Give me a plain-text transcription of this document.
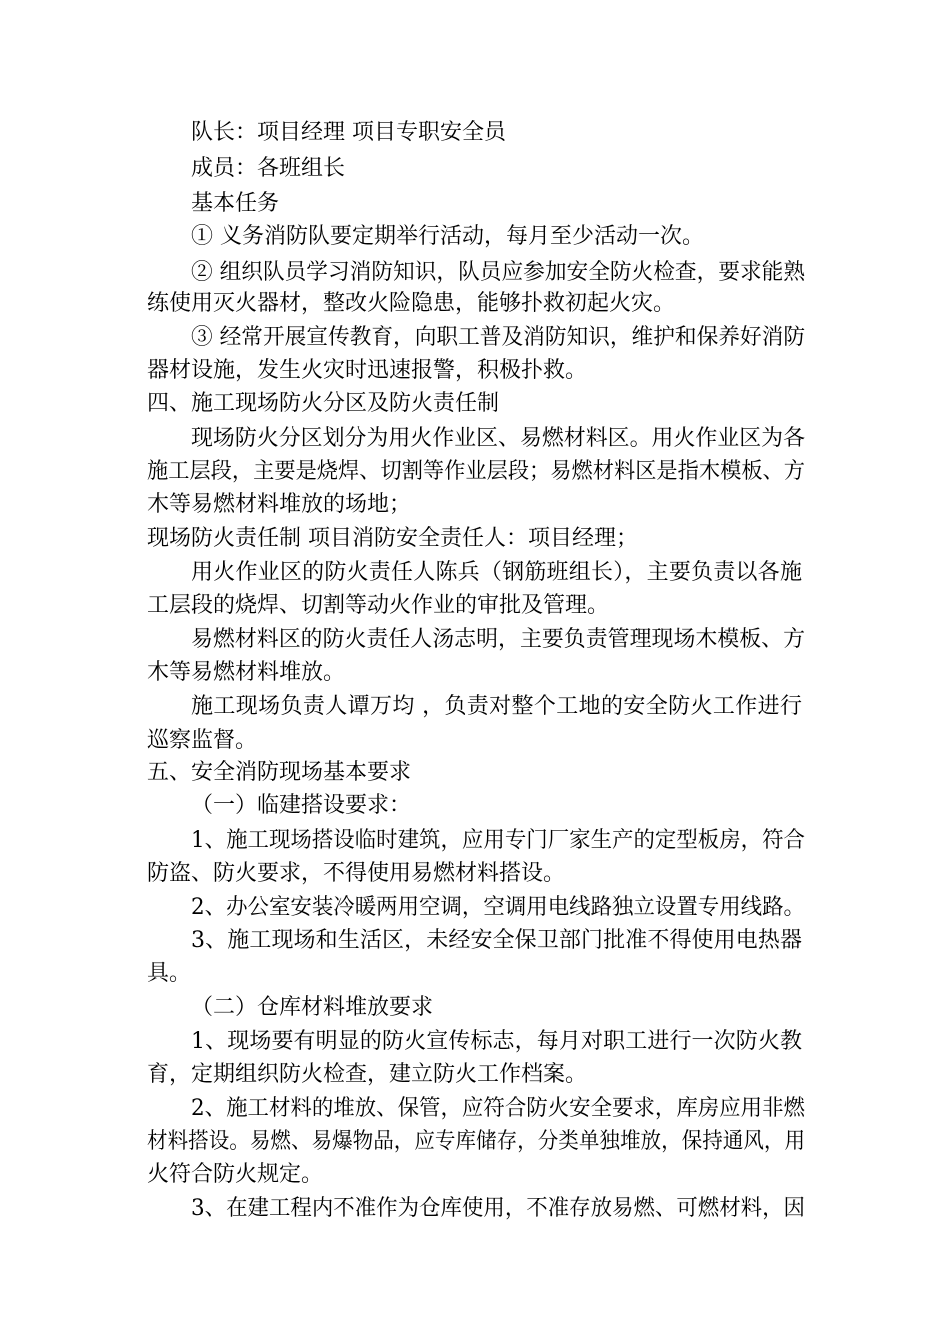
队长：项目经理 项目专职安全员
成员：各班组长
基本任务
① 义务消防队要定期举行活动，每月至少活动一次。
② 组织队员学习消防知识，队员应参加安全防火检查，要求能熟
练使用灭火器材，整改火险隐患，能够扑救初起火灾。
③ 经常开展宣传教育，向职工普及消防知识，维护和保养好消防
器材设施，发生火灾时迅速报警，积极扑救。
四、施工现场防火分区及防火责任制
现场防火分区划分为用火作业区、易燃材料区。用火作业区为各
施工层段，主要是烧焊、切割等作业层段；易燃材料区是指木模板、方
木等易燃材料堆放的场地；
现场防火责任制 项目消防安全责任人：项目经理；
用火作业区的防火责任人陈兵（钢筋班组长），主要负责以各施
工层段的烧焊、切割等动火作业的审批及管理。
易燃材料区的防火责任人汤志明，主要负责管理现场木模板、方
木等易燃材料堆放。
施工现场负责人谭万均 ，负责对整个工地的安全防火工作进行
巡察监督。
五、安全消防现场基本要求
（一）临建搭设要求：
1、施工现场搭设临时建筑，应用专门厂家生产的定型板房，符合
防盗、防火要求，不得使用易燃材料搭设。
2、办公室安装冷暖两用空调，空调用电线路独立设置专用线路。
3、施工现场和生活区，未经安全保卫部门批准不得使用电热器
具。
（二）仓库材料堆放要求
1、现场要有明显的防火宣传标志，每月对职工进行一次防火教
育，定期组织防火检查，建立防火工作档案。
2、施工材料的堆放、保管，应符合防火安全要求，库房应用非燃
材料搭设。易燃、易爆物品，应专库储存，分类单独堆放，保持通风，用
火符合防火规定。
3、在建工程内不准作为仓库使用，不准存放易燃、可燃材料，因
